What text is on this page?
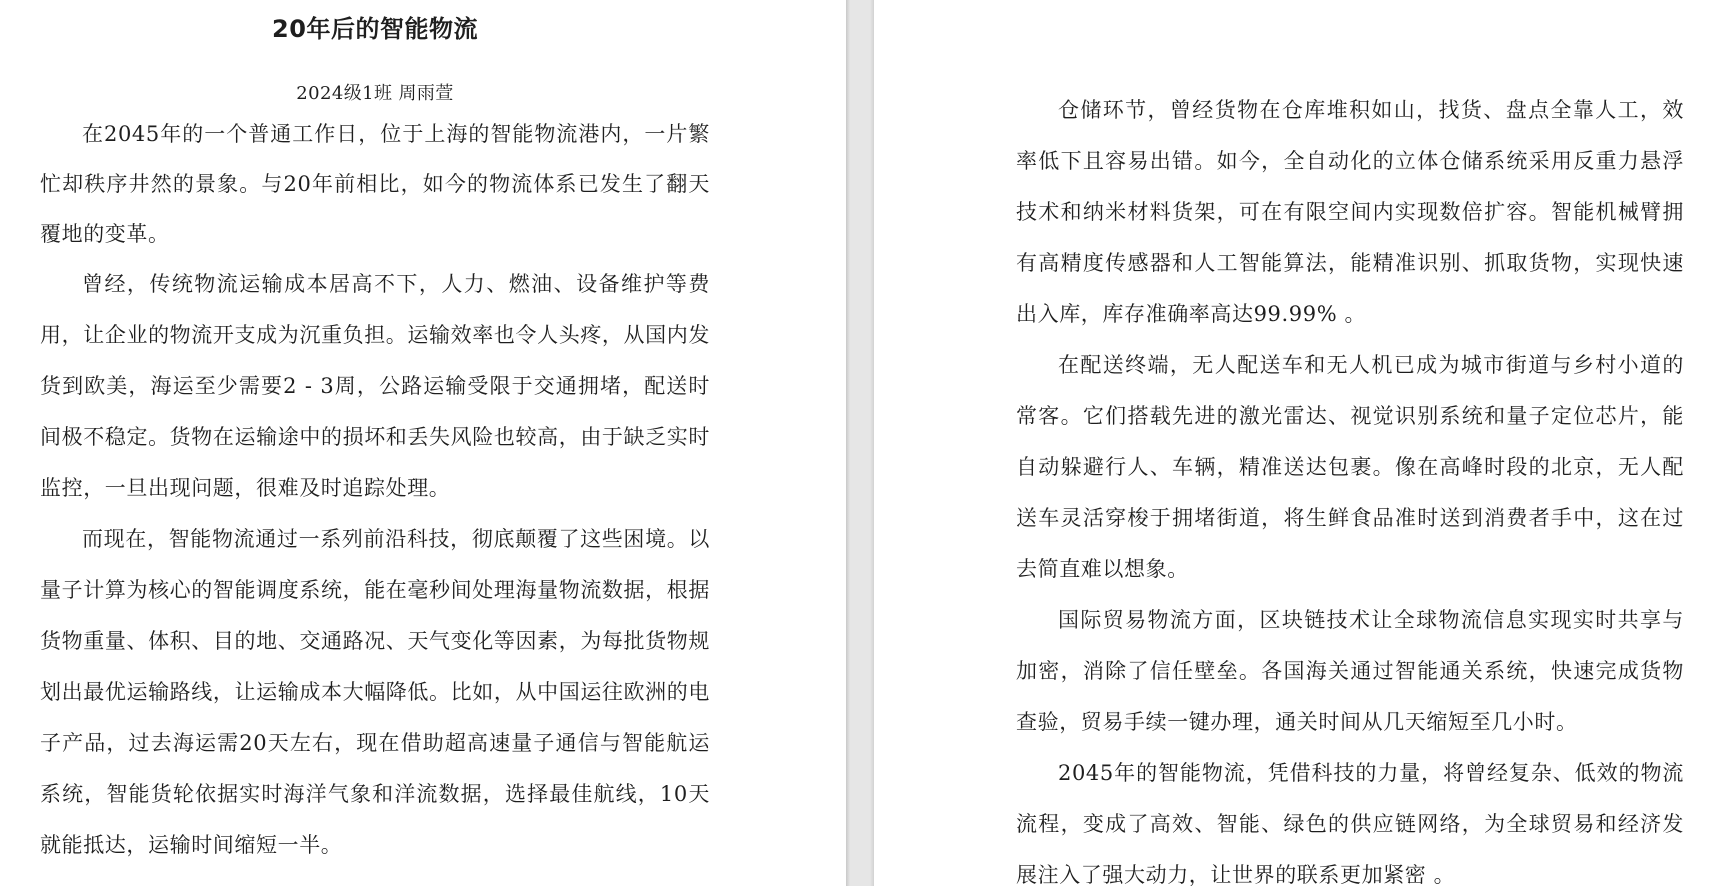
20年后的智能物流
2024级1班 周雨萱

在2045年的一个普通工作日，位于上海的智能物流港内，一片繁忙却秩序井然的景象。与20年前相比，如今的物流体系已发生了翻天覆地的变革。

曾经，传统物流运输成本居高不下，人力、燃油、设备维护等费用，让企业的物流开支成为沉重负担。运输效率也令人头疼，从国内发货到欧美，海运至少需要2 - 3周，公路运输受限于交通拥堵，配送时间极不稳定。货物在运输途中的损坏和丢失风险也较高，由于缺乏实时监控，一旦出现问题，很难及时追踪处理。

而现在，智能物流通过一系列前沿科技，彻底颠覆了这些困境。以量子计算为核心的智能调度系统，能在毫秒间处理海量物流数据，根据货物重量、体积、目的地、交通路况、天气变化等因素，为每批货物规划出最优运输路线，让运输成本大幅降低。比如，从中国运往欧洲的电子产品，过去海运需20天左右，现在借助超高速量子通信与智能航运系统，智能货轮依据实时海洋气象和洋流数据，选择最佳航线，10天就能抵达，运输时间缩短一半。

仓储环节，曾经货物在仓库堆积如山，找货、盘点全靠人工，效率低下且容易出错。如今，全自动化的立体仓储系统采用反重力悬浮技术和纳米材料货架，可在有限空间内实现数倍扩容。智能机械臂拥有高精度传感器和人工智能算法，能精准识别、抓取货物，实现快速出入库，库存准确率高达99.99% 。

在配送终端，无人配送车和无人机已成为城市街道与乡村小道的常客。它们搭载先进的激光雷达、视觉识别系统和量子定位芯片，能自动躲避行人、车辆，精准送达包裹。像在高峰时段的北京，无人配送车灵活穿梭于拥堵街道，将生鲜食品准时送到消费者手中，这在过去简直难以想象。

国际贸易物流方面，区块链技术让全球物流信息实现实时共享与加密，消除了信任壁垒。各国海关通过智能通关系统，快速完成货物查验，贸易手续一键办理，通关时间从几天缩短至几小时。

2045年的智能物流，凭借科技的力量，将曾经复杂、低效的物流流程，变成了高效、智能、绿色的供应链网络，为全球贸易和经济发展注入了强大动力，让世界的联系更加紧密 。
